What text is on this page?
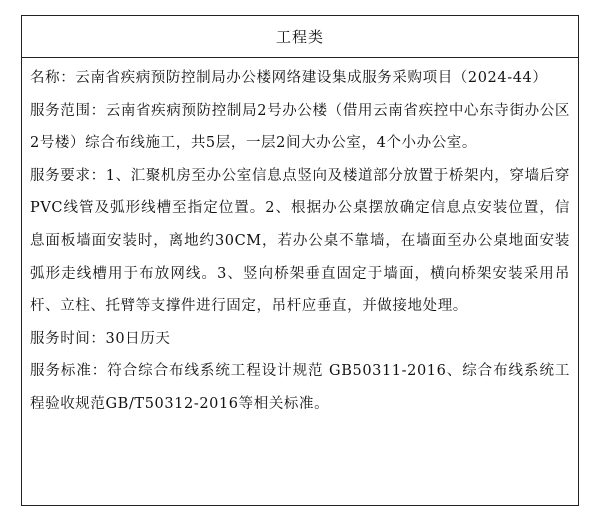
工程类

名称：云南省疾病预防控制局办公楼网络建设集成服务采购项目（2024-44）

服务范围：云南省疾病预防控制局2号办公楼（借用云南省疾控中心东寺街办公区2号楼）综合布线施工，共5层，一层2间大办公室，4个小办公室。

服务要求：1、汇聚机房至办公室信息点竖向及楼道部分放置于桥架内，穿墙后穿PVC线管及弧形线槽至指定位置。2、根据办公桌摆放确定信息点安装位置，信息面板墙面安装时，离地约30CM，若办公桌不靠墙，在墙面至办公桌地面安装弧形走线槽用于布放网线。3、竖向桥架垂直固定于墙面，横向桥架安装采用吊杆、立柱、托臂等支撑件进行固定，吊杆应垂直，并做接地处理。

服务时间：30日历天

服务标准：符合综合布线系统工程设计规范 GB50311-2016、综合布线系统工程验收规范GB/T50312-2016等相关标准。
